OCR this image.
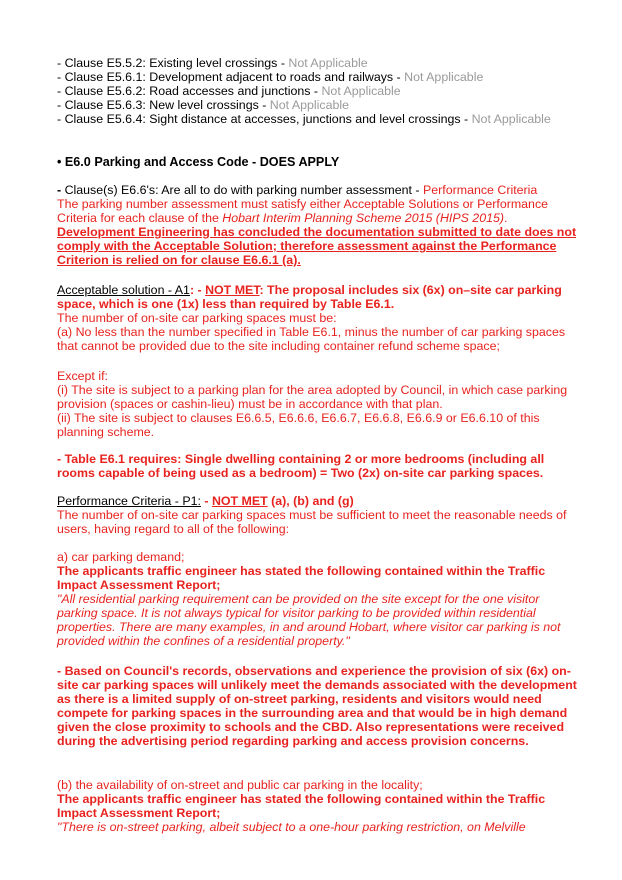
- Clause E5.5.2: Existing level crossings - Not Applicable

- Clause E5.6.1: Development adjacent to roads and railways - Not Applicable

- Clause E5.6.2: Road accesses and junctions - Not Applicable

- Clause E5.6.3: New level crossings - Not Applicable

- Clause E5.6.4: Sight distance at accesses, junctions and level crossings - Not Applicable

• E6.0 Parking and Access Code - DOES APPLY

- Clause(s) E6.6's: Are all to do with parking number assessment - Performance Criteria

The parking number assessment must satisfy either Acceptable Solutions or Performance Criteria for each clause of the Hobart Interim Planning Scheme 2015 (HIPS 2015).

Development Engineering has concluded the documentation submitted to date does not comply with the Acceptable Solution; therefore assessment against the Performance Criterion is relied on for clause E6.6.1 (a).

Acceptable solution - A1: - NOT MET: The proposal includes six (6x) on–site car parking space, which is one (1x) less than required by Table E6.1.

The number of on-site car parking spaces must be:

(a) No less than the number specified in Table E6.1, minus the number of car parking spaces that cannot be provided due to the site including container refund scheme space;

Except if:

(i) The site is subject to a parking plan for the area adopted by Council, in which case parking provision (spaces or cashin-lieu) must be in accordance with that plan.

(ii) The site is subject to clauses E6.6.5, E6.6.6, E6.6.7, E6.6.8, E6.6.9 or E6.6.10 of this planning scheme.

- Table E6.1 requires: Single dwelling containing 2 or more bedrooms (including all rooms capable of being used as a bedroom) = Two (2x) on-site car parking spaces.

Performance Criteria - P1: - NOT MET (a), (b) and (g)

The number of on-site car parking spaces must be sufficient to meet the reasonable needs of users, having regard to all of the following:

a) car parking demand;

The applicants traffic engineer has stated the following contained within the Traffic Impact Assessment Report;

"All residential parking requirement can be provided on the site except for the one visitor parking space. It is not always typical for visitor parking to be provided within residential properties. There are many examples, in and around Hobart, where visitor car parking is not provided within the confines of a residential property."

- Based on Council's records, observations and experience the provision of six (6x) on-site car parking spaces will unlikely meet the demands associated with the development as there is a limited supply of on-street parking, residents and visitors would need compete for parking spaces in the surrounding area and that would be in high demand given the close proximity to schools and the CBD. Also representations were received during the advertising period regarding parking and access provision concerns.

(b) the availability of on-street and public car parking in the locality;

The applicants traffic engineer has stated the following contained within the Traffic Impact Assessment Report;

"There is on-street parking, albeit subject to a one-hour parking restriction, on Melville
